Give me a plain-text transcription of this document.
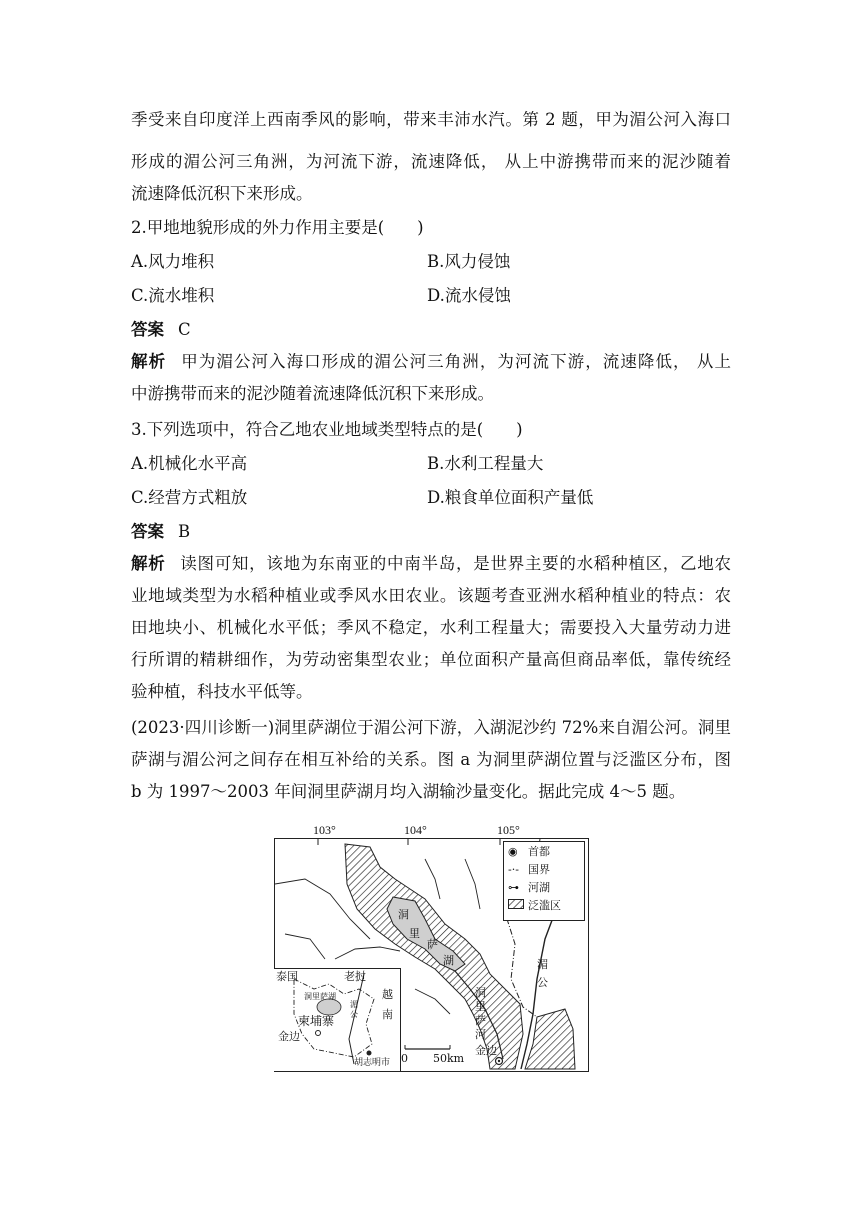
季受来自印度洋上西南季风的影响，带来丰沛水汽。第 2 题，甲为湄公河入海口
形成的湄公河三角洲，为河流下游，流速降低， 从上中游携带而来的泥沙随着
流速降低沉积下来形成。
2.甲地地貌形成的外力作用主要是(　　)
A.风力堆积	B.风力侵蚀
C.流水堆积	D.流水侵蚀
答案 C
解析 甲为湄公河入海口形成的湄公河三角洲，为河流下游，流速降低， 从上
中游携带而来的泥沙随着流速降低沉积下来形成。
3.下列选项中，符合乙地农业地域类型特点的是(　　)
A.机械化水平高	B.水利工程量大
C.经营方式粗放	D.粮食单位面积产量低
答案 B
解析 读图可知，该地为东南亚的中南半岛，是世界主要的水稻种植区，乙地农
业地域类型为水稻种植业或季风水田农业。该题考查亚洲水稻种植业的特点：农
田地块小、机械化水平低；季风不稳定，水利工程量大；需要投入大量劳动力进
行所谓的精耕细作，为劳动密集型农业；单位面积产量高但商品率低，靠传统经
验种植，科技水平低等。
(2023·四川诊断一)洞里萨湖位于湄公河下游，入湖泥沙约 72%来自湄公河。洞里
萨湖与湄公河之间存在相互补给的关系。图 a 为洞里萨湖位置与泛滥区分布，图
b 为 1997～2003 年间洞里萨湖月均入湖输沙量变化。据此完成 4～5 题。
103°	104°	105°
洞
里
萨
湖	湄
公
洞
里
萨
河
金边
0 50km
◉ 首都
-·- 国界
⊶ 河湖
泛滥区
泰国	老挝
越
南
洞里萨湖
湄
公
柬埔寨
金边
胡志明市
